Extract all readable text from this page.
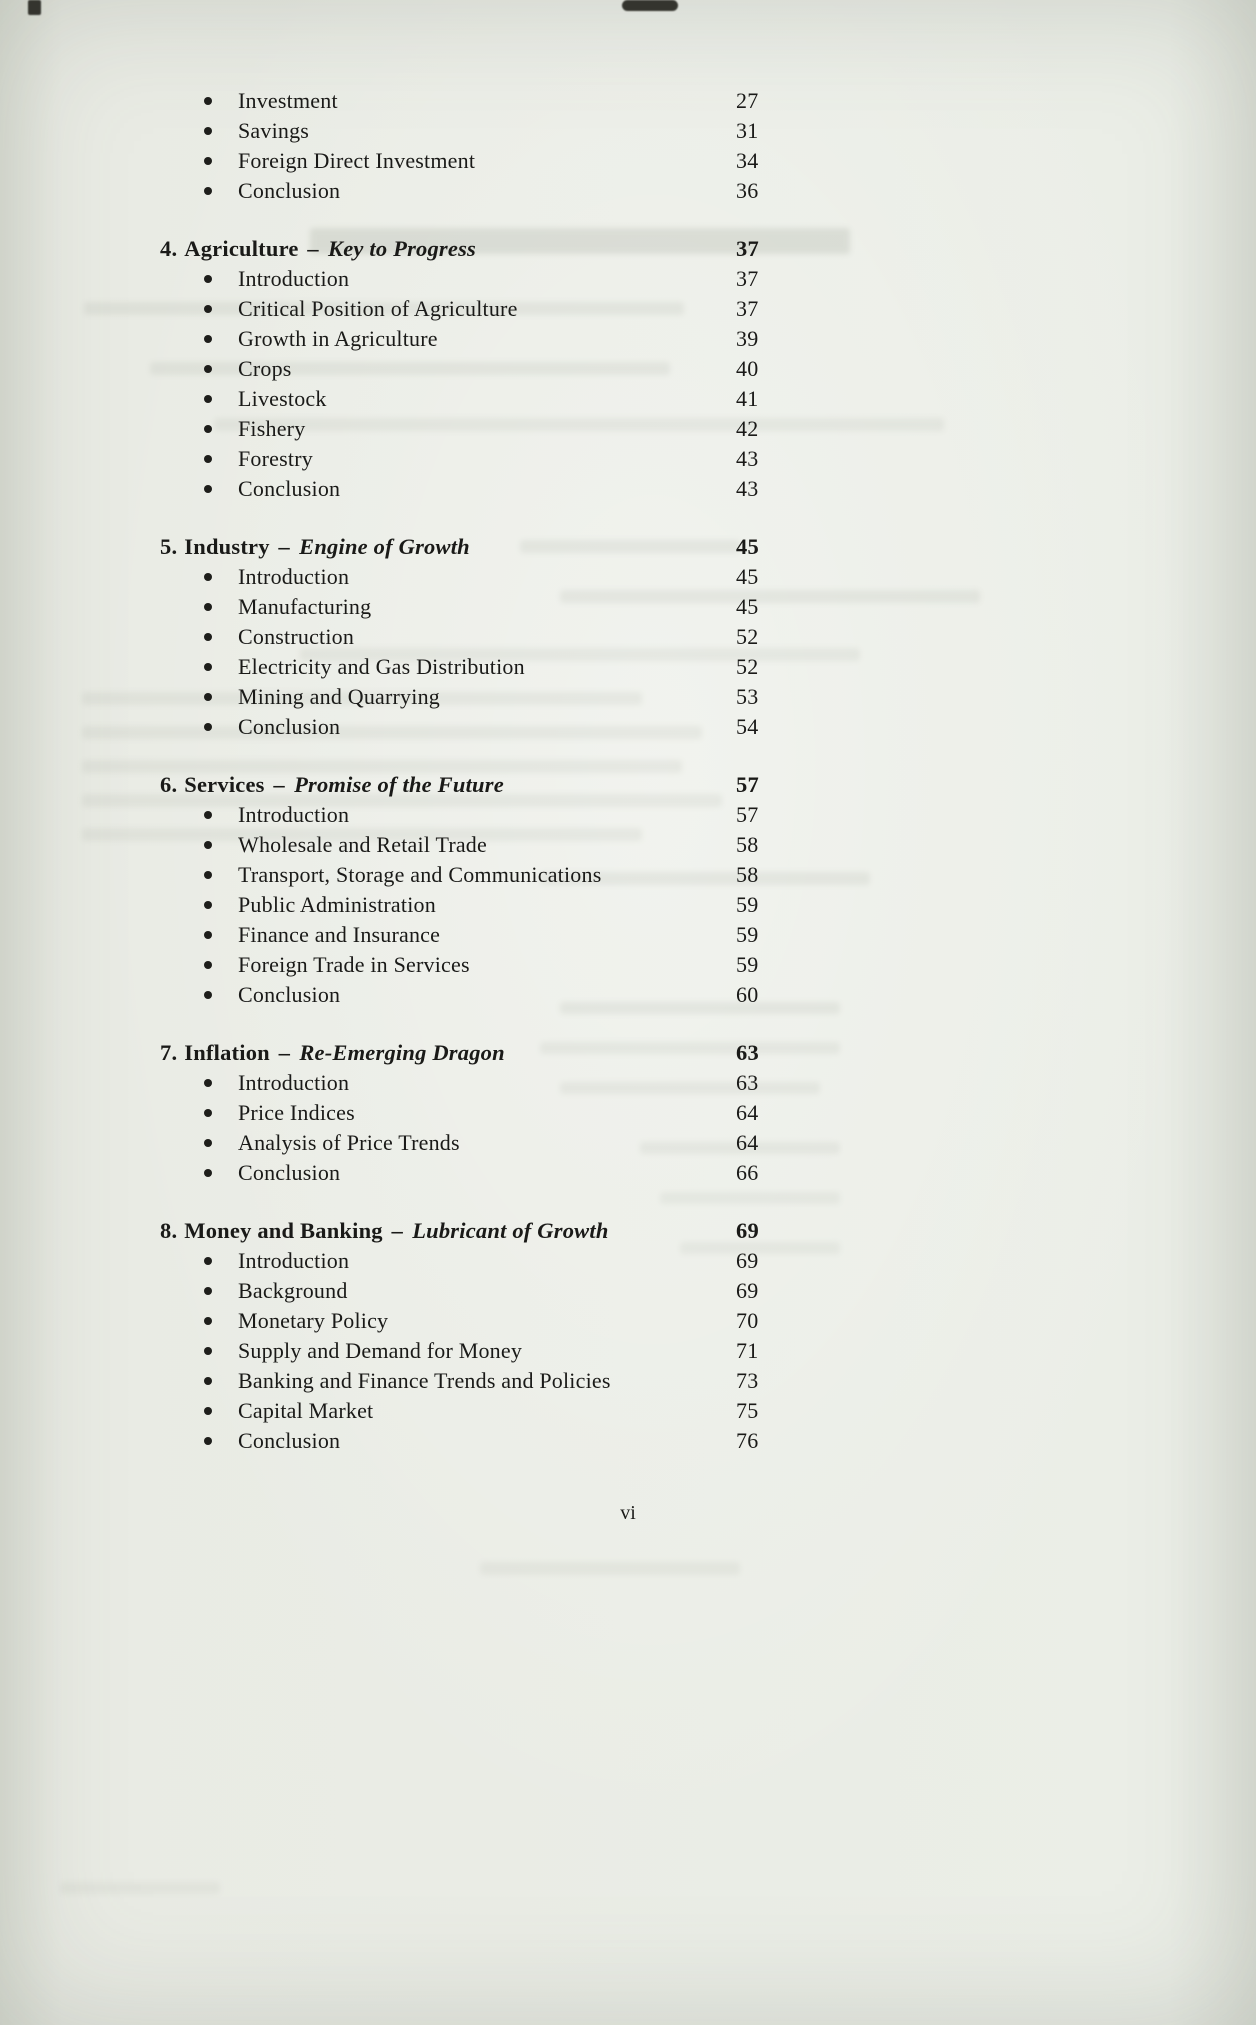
Investment	27
Savings	31
Foreign Direct Investment	34
Conclusion	36
4. Agriculture – Key to Progress	37
Introduction	37
Critical Position of Agriculture	37
Growth in Agriculture	39
Crops	40
Livestock	41
Fishery	42
Forestry	43
Conclusion	43
5. Industry – Engine of Growth	45
Introduction	45
Manufacturing	45
Construction	52
Electricity and Gas Distribution	52
Mining and Quarrying	53
Conclusion	54
6. Services – Promise of the Future	57
Introduction	57
Wholesale and Retail Trade	58
Transport, Storage and Communications	58
Public Administration	59
Finance and Insurance	59
Foreign Trade in Services	59
Conclusion	60
7. Inflation – Re-Emerging Dragon	63
Introduction	63
Price Indices	64
Analysis of Price Trends	64
Conclusion	66
8. Money and Banking – Lubricant of Growth	69
Introduction	69
Background	69
Monetary Policy	70
Supply and Demand for Money	71
Banking and Finance Trends and Policies	73
Capital Market	75
Conclusion	76
vi
